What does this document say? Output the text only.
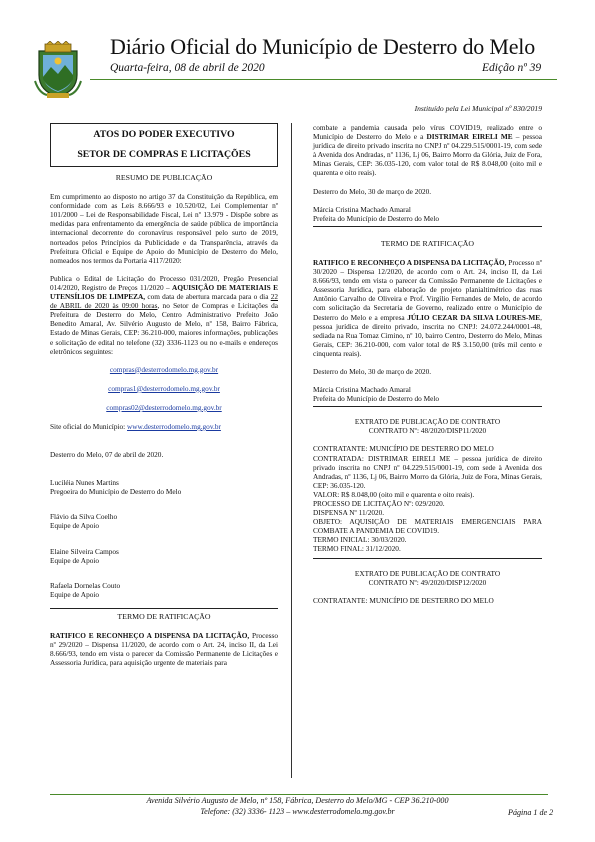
Diário Oficial do Município de Desterro do Melo
Quarta-feira, 08 de abril de 2020	Edição nº 39
Instituído pela Lei Municipal nº 830/2019
ATOS DO PODER EXECUTIVO
SETOR DE COMPRAS E LICITAÇÕES
RESUMO DE PUBLICAÇÃO

Em cumprimento ao disposto no artigo 37 da Constituição da República, em conformidade com as Leis 8.666/93 e 10.520/02, Lei Complementar nº 101/2000 – Lei de Responsabilidade Fiscal, Lei nº 13.979 - Dispõe sobre as medidas para enfrentamento da emergência de saúde pública de importância internacional decorrente do coronavírus responsável pelo surto de 2019, norteados pelos Princípios da Publicidade e da Transparência, através da Prefeitura Oficial e Equipe de Apoio do Município de Desterro do Melo, nomeados nos termos da Portaria 4117/2020:

Publica o Edital de Licitação do Processo 031/2020, Pregão Presencial 014/2020, Registro de Preços 11/2020 – AQUISIÇÃO DE MATERIAIS E UTENSÍLIOS DE LIMPEZA, com data de abertura marcada para o dia 22 de ABRIL de 2020 às 09:00 horas, no Setor de Compras e Licitações da Prefeitura de Desterro do Melo, Centro Administrativo Prefeito João Benedito Amaral, Av. Silvério Augusto de Melo, nº 158, Bairro Fábrica, Estado de Minas Gerais, CEP: 36.210-000, maiores informações, publicações e solicitação de edital no telefone (32) 3336-1123 ou no e-mails e endereços eletrônicos seguintes:

compras@desterrodomelo.mg.gov.br
compras1@desterrodomelo.mg.gov.br
compras02@desterrodomelo.mg.gov.br

Site oficial do Município: www.desterrodomelo.mg.gov.br

Desterro do Melo, 07 de abril de 2020.

Luciléia Nunes Martins
Pregoeira do Município de Desterro do Melo
Flávio da Silva Coelho
Equipe de Apoio
Elaine Silveira Campos
Equipe de Apoio
Rafaela Dornelas Couto
Equipe de Apoio
TERMO DE RATIFICAÇÃO

RATIFICO E RECONHEÇO A DISPENSA DA LICITAÇÃO, Processo nº 29/2020 – Dispensa 11/2020, de acordo com o Art. 24, inciso II, da Lei 8.666/93, tendo em vista o parecer da Comissão Permanente de Licitações e Assessoria Jurídica, para aquisição urgente de materiais para

combate a pandemia causada pelo vírus COVID19, realizado entre o Município de Desterro do Melo e a DISTRIMAR EIRELI ME – pessoa jurídica de direito privado inscrita no CNPJ nº 04.229.515/0001-19, com sede à Avenida dos Andradas, nº 1136, Lj 06, Bairro Morro da Glória, Juiz de Fora, Minas Gerais, CEP: 36.035-120, com valor total de R$ 8.048,00 (oito mil e quarenta e oito reais).

Desterro do Melo, 30 de março de 2020.

Márcia Cristina Machado Amaral
Prefeita do Município de Desterro do Melo
TERMO DE RATIFICAÇÃO

RATIFICO E RECONHEÇO A DISPENSA DA LICITAÇÃO, Processo nº 30/2020 – Dispensa 12/2020, de acordo com o Art. 24, inciso II, da Lei 8.666/93, tendo em vista o parecer da Comissão Permanente de Licitações e Assessoria Jurídica, para elaboração de projeto planialtimétrico das ruas Antônio Carvalho de Oliveira e Prof. Virgílio Fernandes de Melo, de acordo com solicitação da Secretaria de Governo, realizado entre o Município de Desterro do Melo e a empresa JÚLIO CEZAR DA SILVA LOURES-ME, pessoa jurídica de direito privado, inscrita no CNPJ: 24.072.244/0001-48, sediada na Rua Tomaz Cimino, nº 10, bairro Centro, Desterro do Melo, Minas Gerais, CEP: 36.210-000, com valor total de R$ 3.150,00 (três mil cento e cinquenta reais).

Desterro do Melo, 30 de março de 2020.

Márcia Cristina Machado Amaral
Prefeita do Município de Desterro do Melo
EXTRATO DE PUBLICAÇÃO DE CONTRATO
CONTRATO Nº: 48/2020/DISP11/2020

CONTRATANTE: MUNICÍPIO DE DESTERRO DO MELO

CONTRATADA: DISTRIMAR EIRELI ME – pessoa jurídica de direito privado inscrita no CNPJ nº 04.229.515/0001-19, com sede à Avenida dos Andradas, nº 1136, Lj 06, Bairro Morro da Glória, Juiz de Fora, Minas Gerais, CEP: 36.035-120.

VALOR: R$ 8.048,00 (oito mil e quarenta e oito reais).

PROCESSO DE LICITAÇÃO Nº: 029/2020.

DISPENSA Nº 11/2020.

OBJETO: AQUISIÇÃO DE MATERIAIS EMERGENCIAIS PARA COMBATE A PANDEMIA DE COVID19.

TERMO INICIAL: 30/03/2020.

TERMO FINAL: 31/12/2020.

EXTRATO DE PUBLICAÇÃO DE CONTRATO
CONTRATO Nº: 49/2020/DISP12/2020

CONTRATANTE: MUNICÍPIO DE DESTERRO DO MELO

Avenida Silvério Augusto de Melo, nº 158, Fábrica, Desterro do Melo/MG - CEP 36.210-000
Telefone: (32) 3336- 1123 – www.desterrodomelo.mg.gov.br	Página 1 de 2
